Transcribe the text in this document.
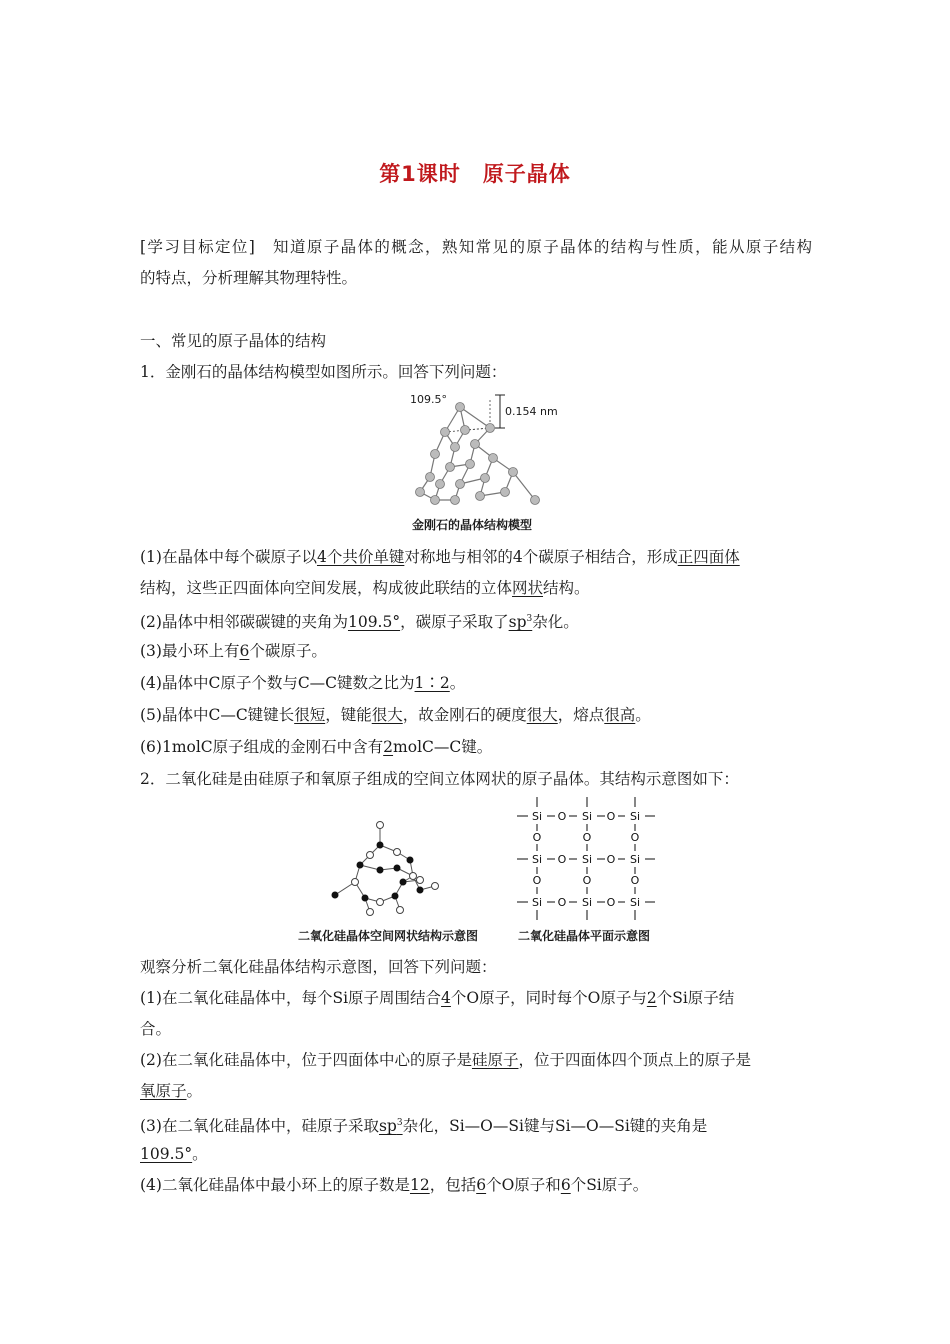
第1课时 原子晶体
[学习目标定位]　知道原子晶体的概念，熟知常见的原子晶体的结构与性质，能从原子结构
的特点，分析理解其物理特性。
一、常见的原子晶体的结构
1．金刚石的晶体结构模型如图所示。回答下列问题：
109.5°
0.154 nm
金刚石的晶体结构模型
(1)在晶体中每个碳原子以4个共价单键对称地与相邻的4个碳原子相结合，形成正四面体
结构，这些正四面体向空间发展，构成彼此联结的立体网状结构。
(2)晶体中相邻碳碳键的夹角为109.5°，碳原子采取了$sp^3$杂化。
(3)最小环上有6个碳原子。
(4)晶体中C原子个数与C—C键数之比为1∶2。
(5)晶体中C—C键键长很短，键能很大，故金刚石的硬度很大，熔点很高。
(6)1molC原子组成的金刚石中含有2molC—C键。
2．二氧化硅是由硅原子和氧原子组成的空间立体网状的原子晶体。其结构示意图如下：
二氧化硅晶体空间网状结构示意图
Si	Si	Si
O	O
Si	Si	Si
O	O
Si	Si	Si
O	O
O	O	O
O	O	O
二氧化硅晶体平面示意图
观察分析二氧化硅晶体结构示意图，回答下列问题：
(1)在二氧化硅晶体中，每个Si原子周围结合4个O原子，同时每个O原子与2个Si原子结
合。
(2)在二氧化硅晶体中，位于四面体中心的原子是硅原子，位于四面体四个顶点上的原子是
氧原子。
(3)在二氧化硅晶体中，硅原子采取$sp^3$杂化，Si—O—Si键与Si—O—Si键的夹角是
109.5°。
(4)二氧化硅晶体中最小环上的原子数是12，包括6个O原子和6个Si原子。
